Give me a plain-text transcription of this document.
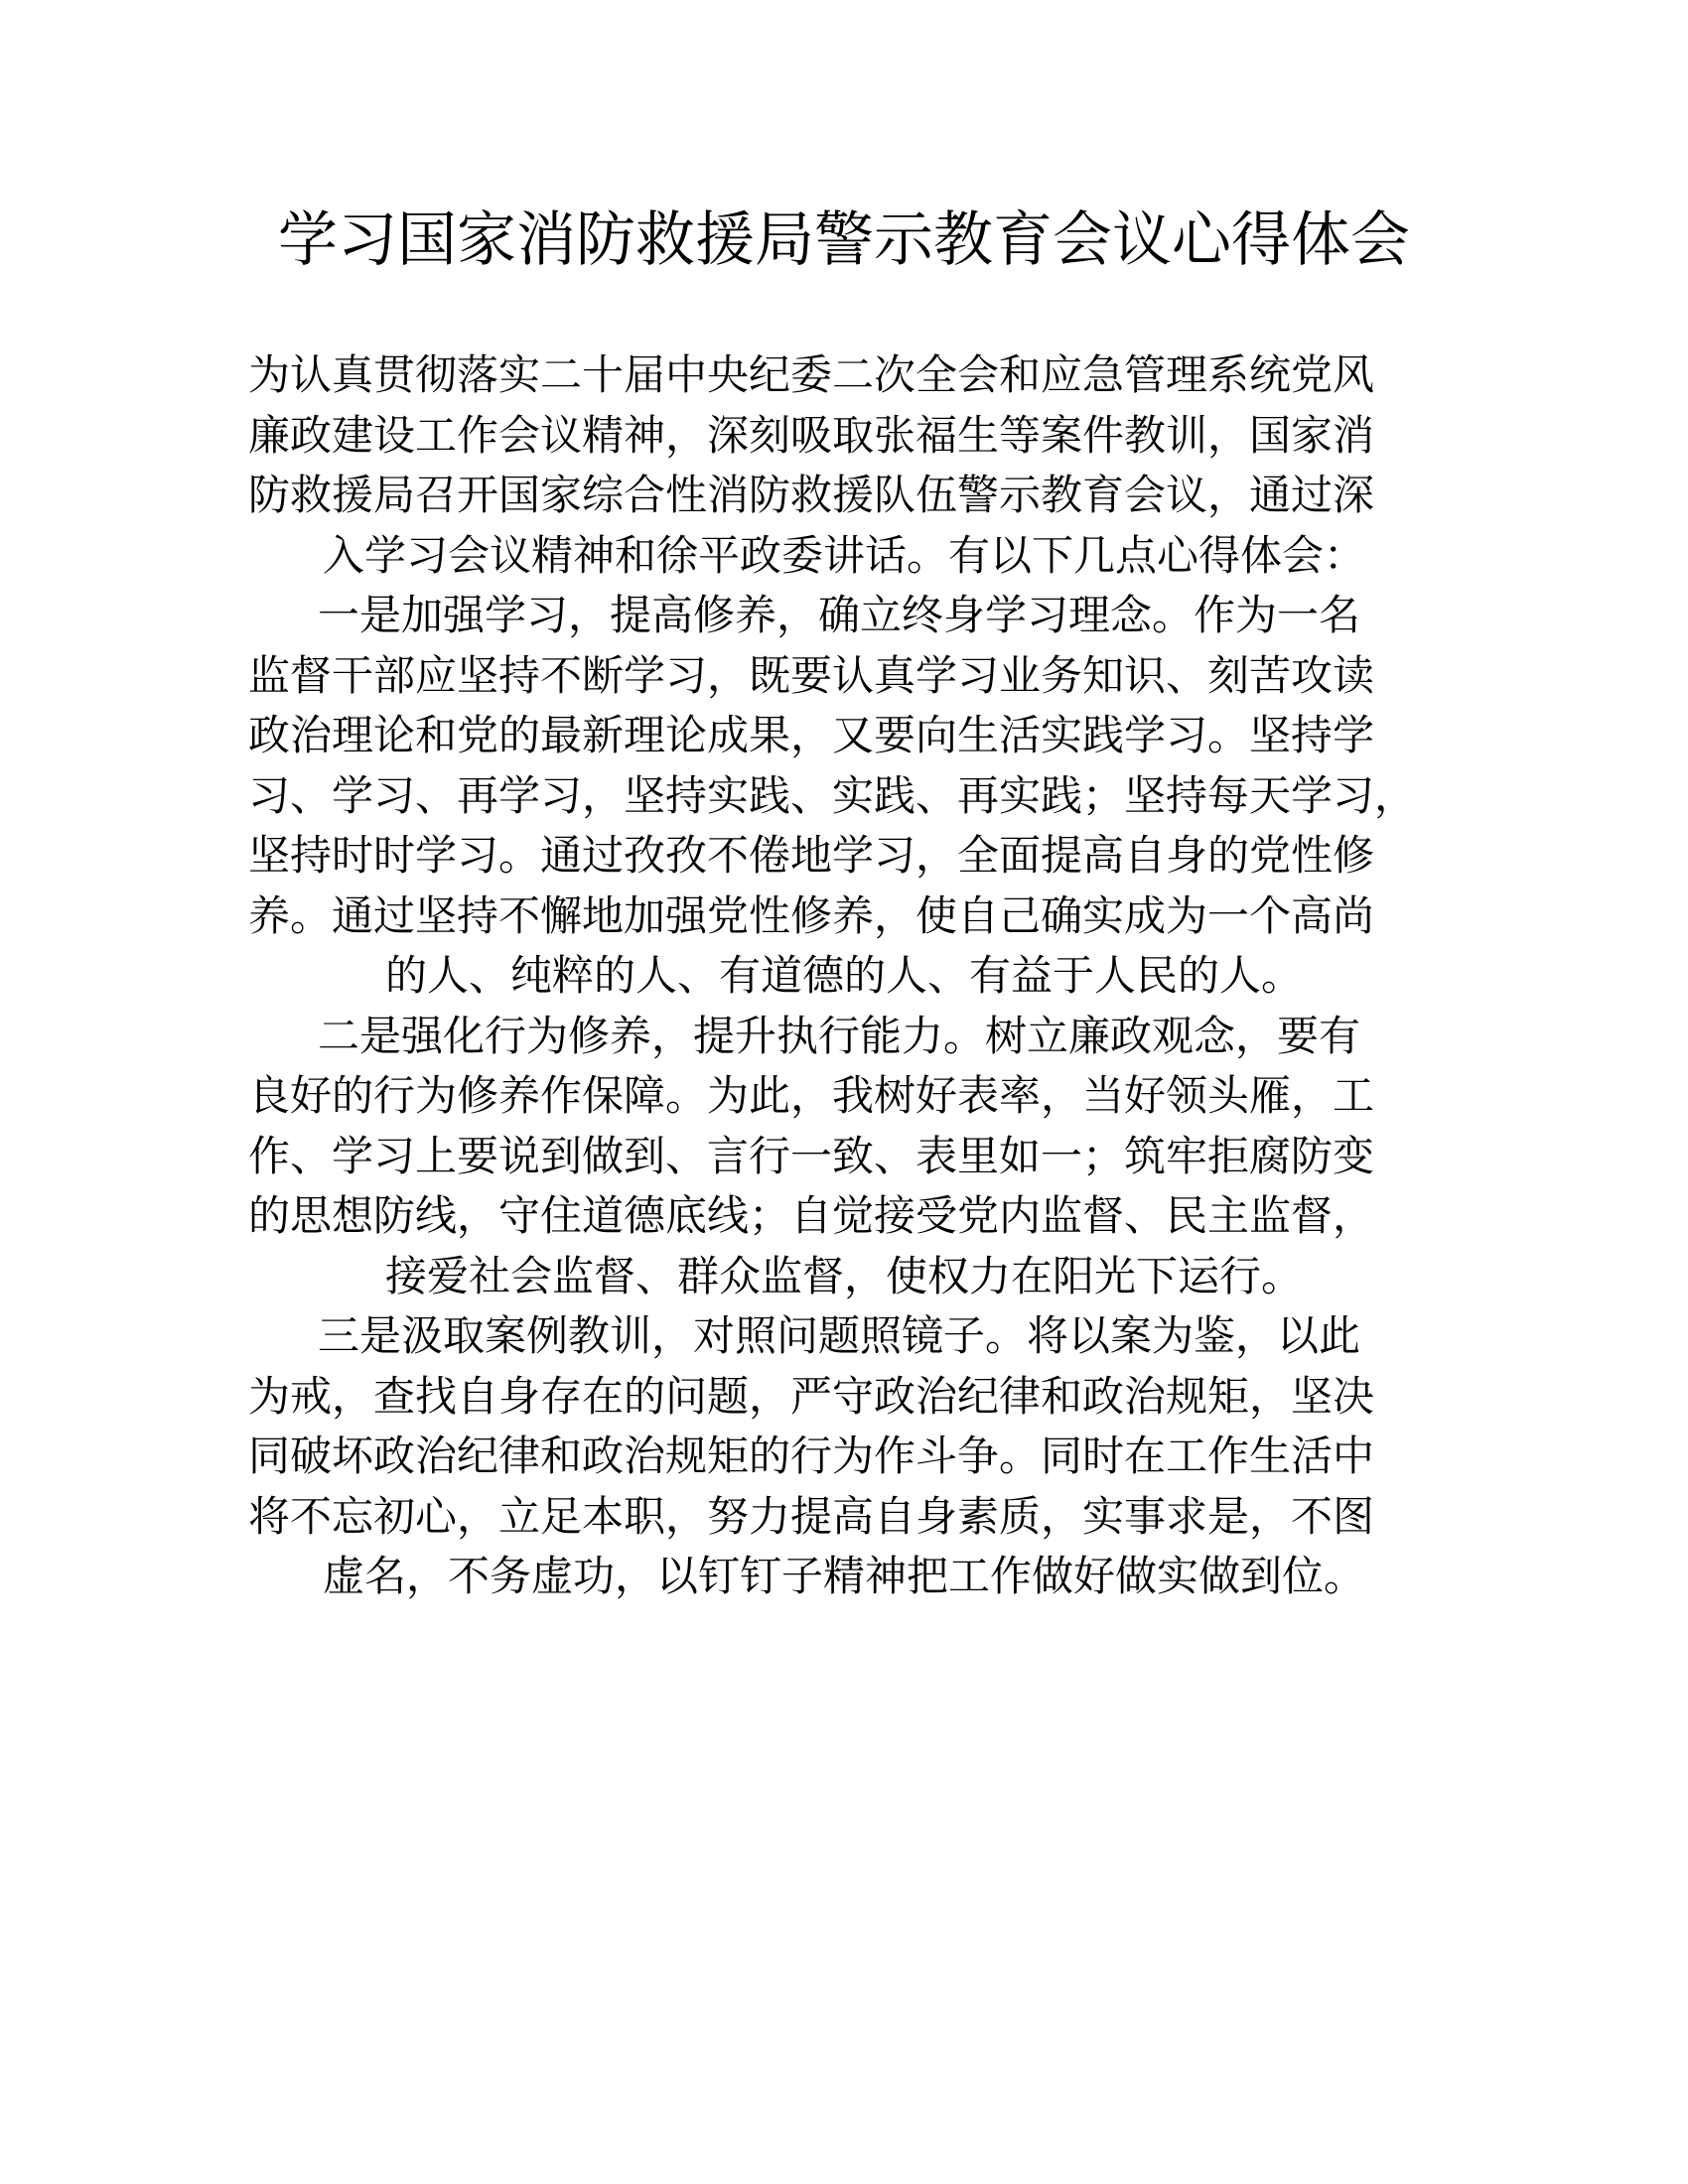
学习国家消防救援局警示教育会议心得体会
为认真贯彻落实二十届中央纪委二次全会和应急管理系统党风
廉政建设工作会议精神，深刻吸取张福生等案件教训，国家消
防救援局召开国家综合性消防救援队伍警示教育会议，通过深
入学习会议精神和徐平政委讲话。有以下几点心得体会：
一是加强学习，提高修养，确立终身学习理念。作为一名
监督干部应坚持不断学习，既要认真学习业务知识、刻苦攻读
政治理论和党的最新理论成果，又要向生活实践学习。坚持学
习、学习、再学习，坚持实践、实践、再实践；坚持每天学习，
坚持时时学习。通过孜孜不倦地学习，全面提高自身的党性修
养。通过坚持不懈地加强党性修养，使自己确实成为一个高尚
的人、纯粹的人、有道德的人、有益于人民的人。
二是强化行为修养，提升执行能力。树立廉政观念，要有
良好的行为修养作保障。为此，我树好表率，当好领头雁，工
作、学习上要说到做到、言行一致、表里如一；筑牢拒腐防变
的思想防线，守住道德底线；自觉接受党内监督、民主监督，
接爱社会监督、群众监督，使权力在阳光下运行。
三是汲取案例教训，对照问题照镜子。将以案为鉴，以此
为戒，查找自身存在的问题，严守政治纪律和政治规矩，坚决
同破坏政治纪律和政治规矩的行为作斗争。同时在工作生活中
将不忘初心，立足本职，努力提高自身素质，实事求是，不图
虚名，不务虚功，以钉钉子精神把工作做好做实做到位。
